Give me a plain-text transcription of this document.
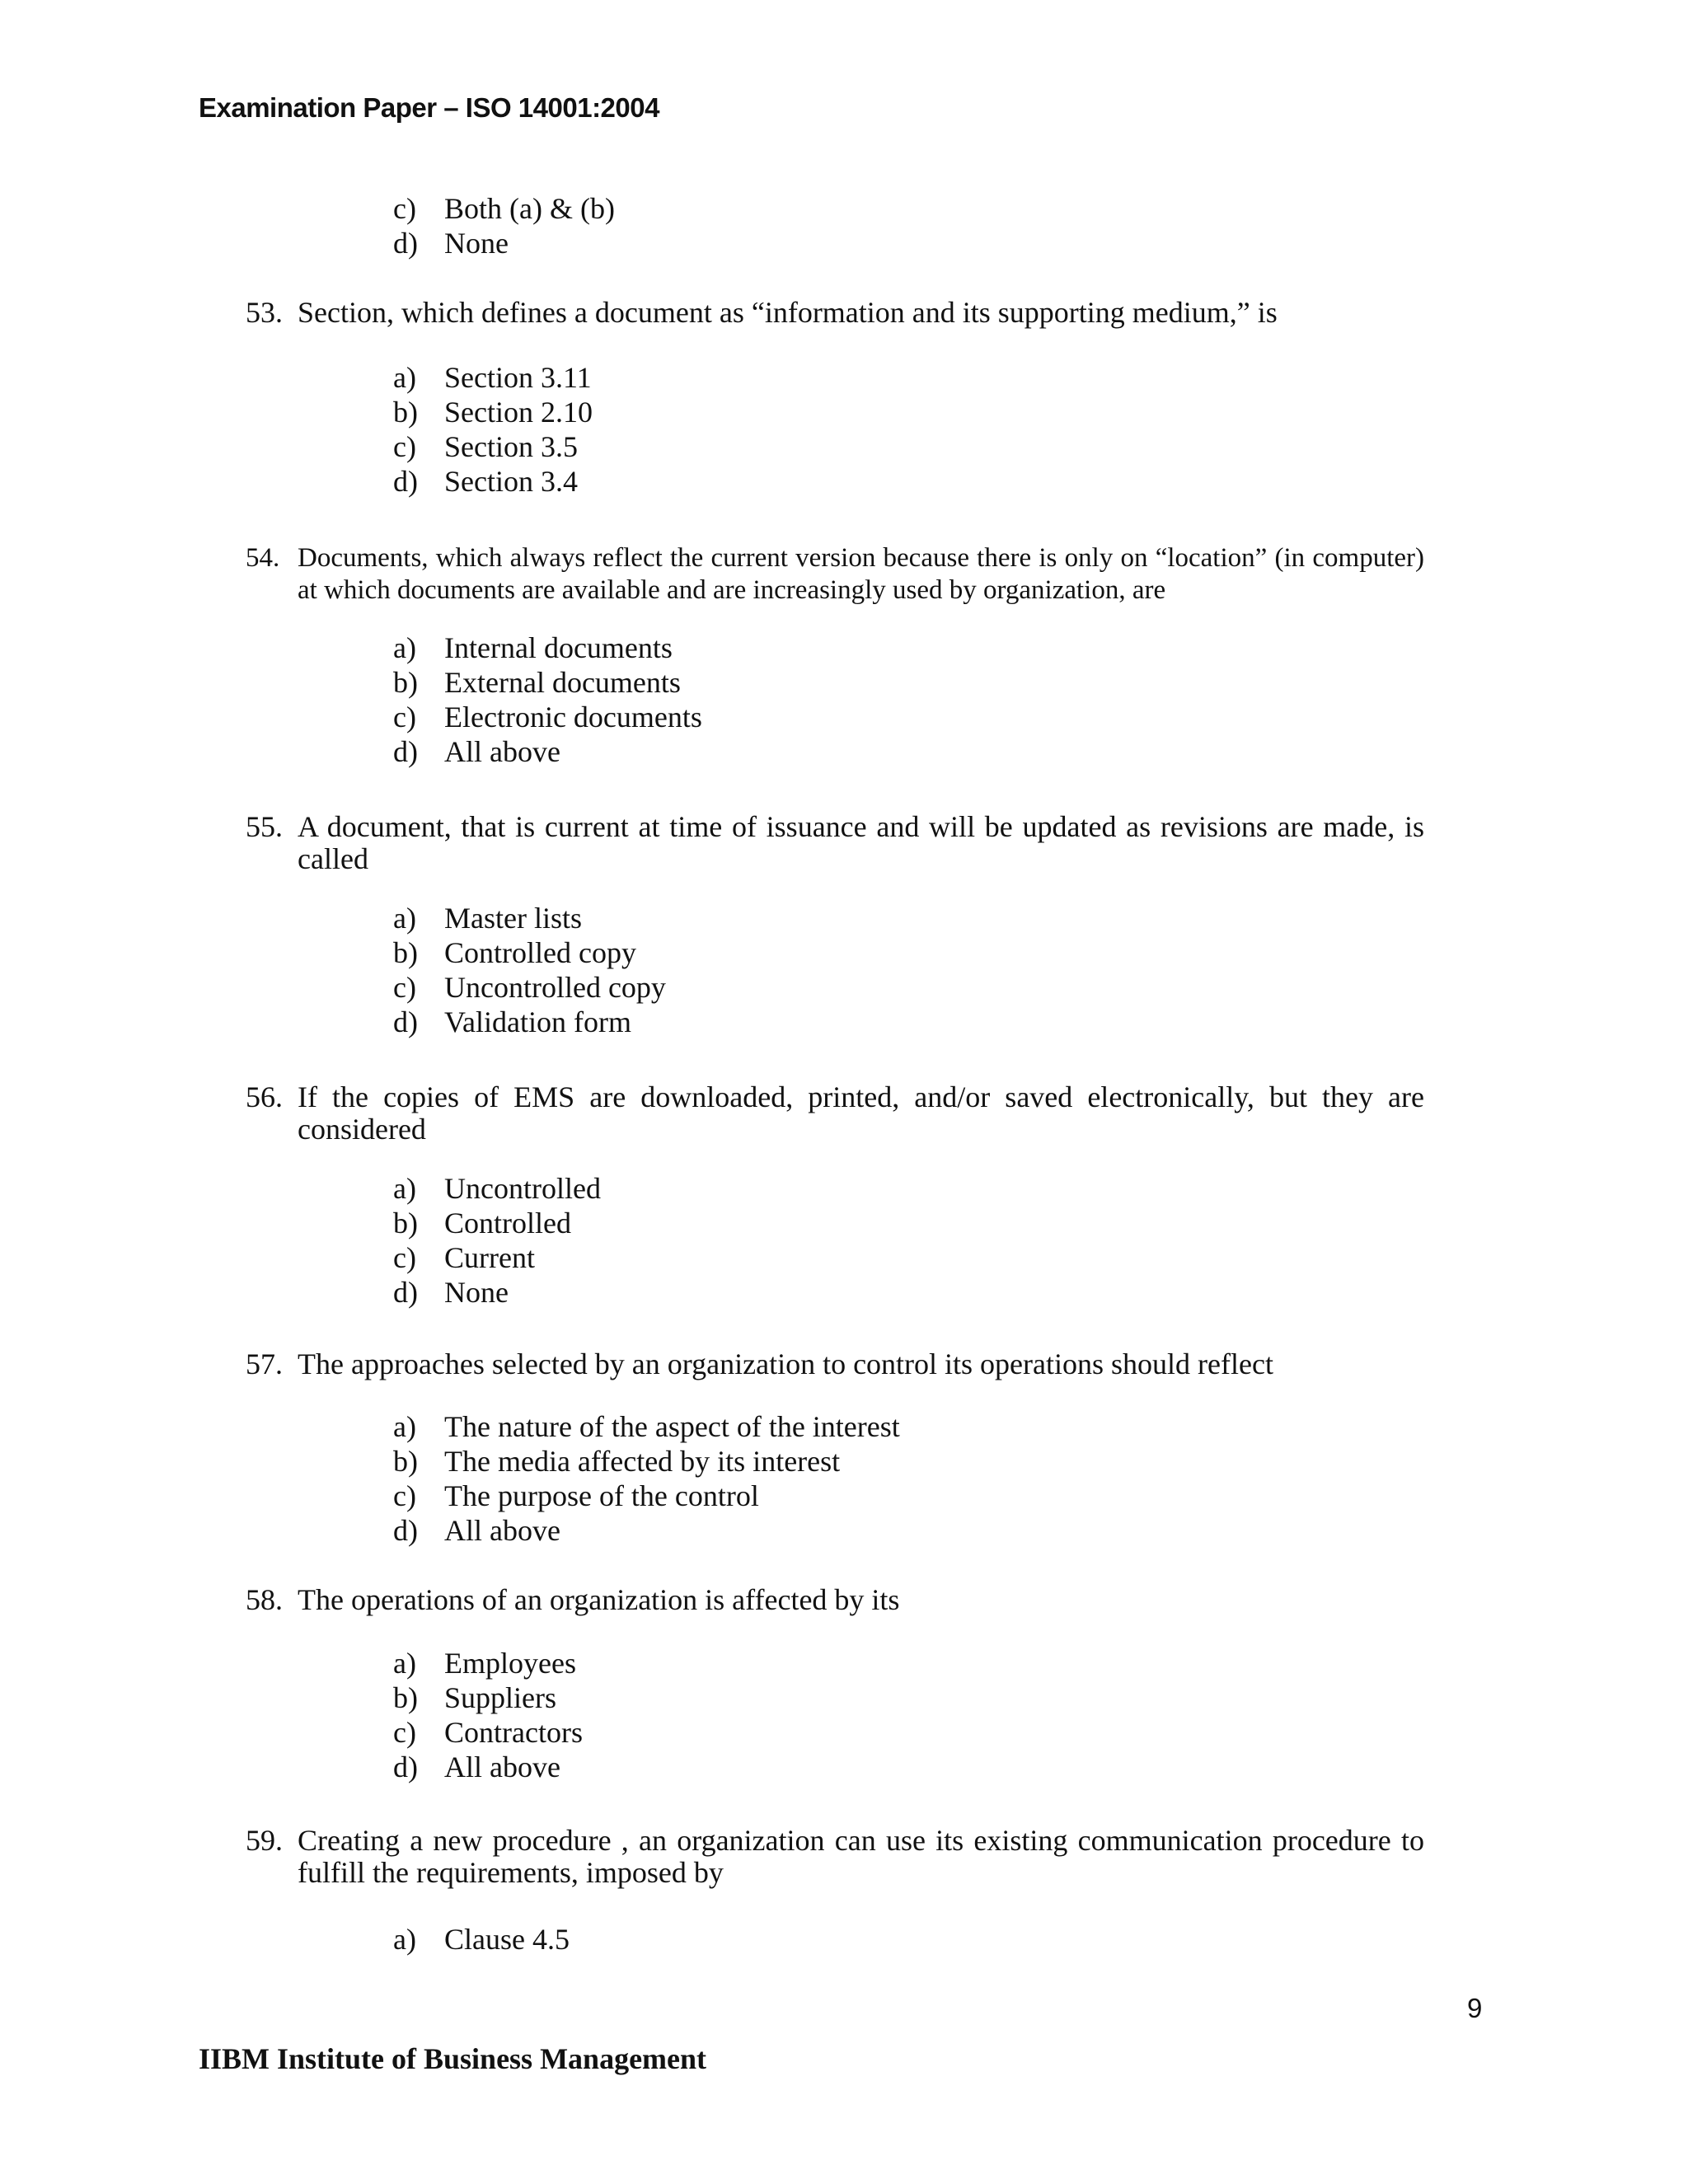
Examination Paper – ISO 14001:2004
c) Both (a) & (b)
d) None
53. Section, which defines a document as “information and its supporting medium,” is
a) Section 3.11
b) Section 2.10
c) Section 3.5
d) Section 3.4
54. Documents, which always reflect the current version because there is only on “location” (in computer) at which documents are available and are increasingly used by organization, are
a) Internal documents
b) External documents
c) Electronic documents
d) All above
55. A document, that is current at time of issuance and will be updated as revisions are made, is called
a) Master lists
b) Controlled copy
c) Uncontrolled copy
d) Validation form
56. If the copies of EMS are downloaded, printed, and/or saved electronically, but they are considered
a) Uncontrolled
b) Controlled
c) Current
d) None
57. The approaches selected by an organization to control its operations should reflect
a) The nature of the aspect of the interest
b) The media affected by its interest
c) The purpose of the control
d) All above
58. The operations of an organization is affected by its
a) Employees
b) Suppliers
c) Contractors
d) All above
59. Creating a new procedure , an organization can use its existing communication procedure to fulfill the requirements, imposed by
a) Clause 4.5
9
IIBM Institute of Business Management
